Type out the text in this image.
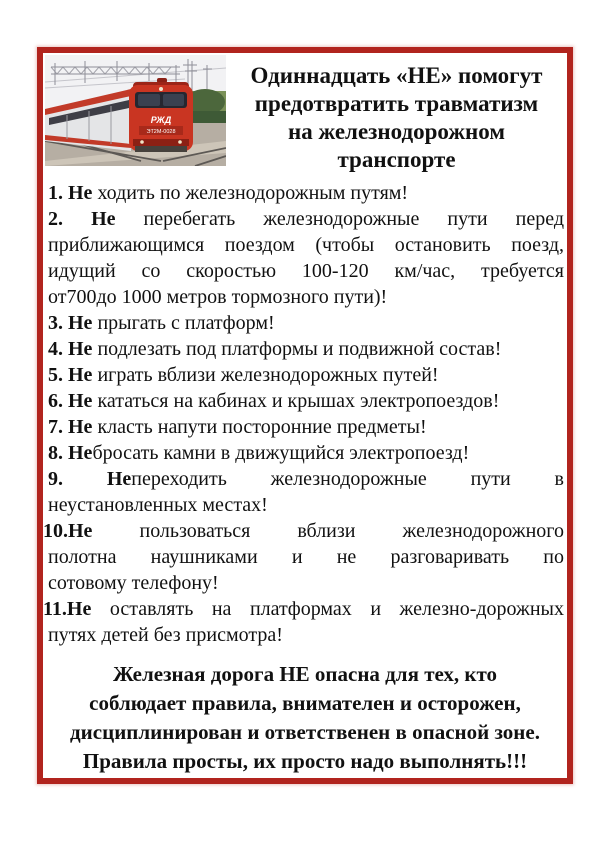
РЖД
ЭТ2М-0028
Одиннадцать «НЕ» помогут
предотвратить травматизм
на железнодорожном
транспорте
1. Не ходить по железнодорожным путям!
2. Не перебегать железнодорожные пути перед
приближающимся поездом (чтобы остановить поезд,
идущий со скоростью 100-120 км/час, требуется
от700до 1000 метров тормозного пути)!
3. Не прыгать с платформ!
4. Не подлезать под платформы и подвижной состав!
5. Не играть вблизи железнодорожных путей!
6. Не кататься на кабинах и крышах электропоездов!
7. Не класть напути посторонние предметы!
8. Небросать камни в движущийся электропоезд!
9. Непереходить железнодорожные пути в
неустановленных местах!
10.Не пользоваться вблизи железнодорожного
полотна наушниками и не разговаривать по
сотовому телефону!
11.Не оставлять на платформах и железно-дорожных
путях детей без присмотра!
Железная дорога НЕ опасна для тех, кто
соблюдает правила, внимателен и осторожен,
дисциплинирован и ответственен в опасной зоне.
Правила просты, их просто надо выполнять!!!
